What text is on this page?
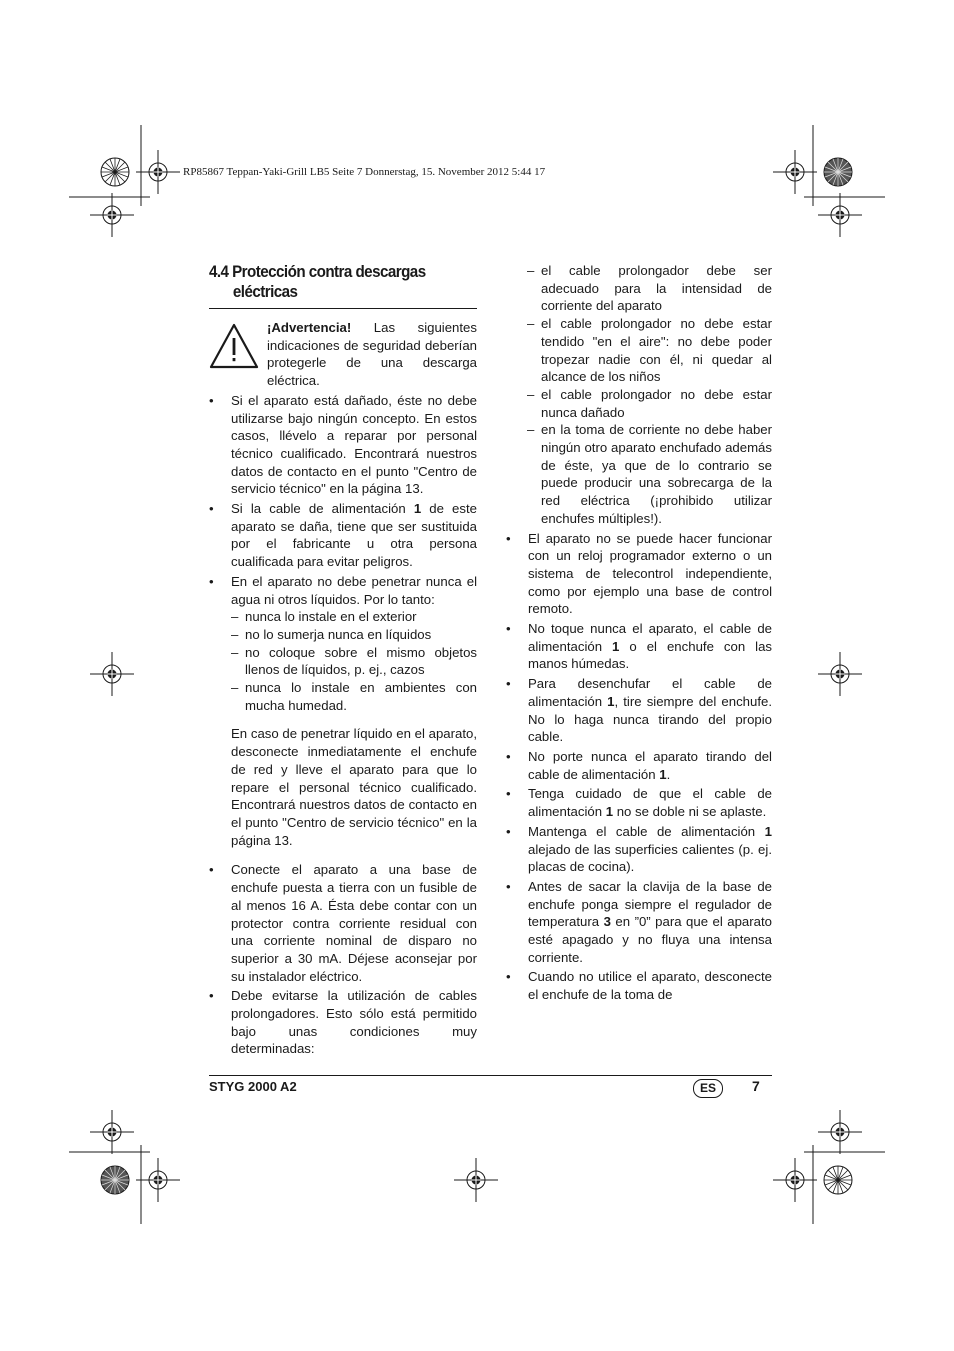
RP85867 Teppan-Yaki-Grill LB5 Seite 7 Donnerstag, 15. November 2012 5:44 17
4.4 Protección contra descargas
eléctricas
¡Advertencia! Las siguientes indicaciones de seguridad deberían protegerle de una descarga eléctrica.
• Si el aparato está dañado, éste no debe utilizarse bajo ningún concepto. En estos casos, llévelo a reparar por personal técnico cualificado. Encontrará nuestros datos de contacto en el punto "Centro de servicio técnico" en la página 13.
• Si la cable de alimentación 1 de este aparato se daña, tiene que ser sustituida por el fabricante u otra persona cualificada para evitar peligros.
• En el aparato no debe penetrar nunca el agua ni otros líquidos. Por lo tanto:
– nunca lo instale en el exterior
– no lo sumerja nunca en líquidos
– no coloque sobre el mismo objetos llenos de líquidos, p. ej., cazos
– nunca lo instale en ambientes con mucha humedad.
En caso de penetrar líquido en el aparato, desconecte inmediatamente el enchufe de red y lleve el aparato para que lo repare el personal técnico cualificado. Encontrará nuestros datos de contacto en el punto "Centro de servicio técnico" en la página 13.
• Conecte el aparato a una base de enchufe puesta a tierra con un fusible de al menos 16 A. Ésta debe contar con un protector contra corriente residual con una corriente nominal de disparo no superior a 30 mA. Déjese aconsejar por su instalador eléctrico.
• Debe evitarse la utilización de cables prolongadores. Esto sólo está permitido bajo unas condiciones muy determinadas:
– el cable prolongador debe ser adecuado para la intensidad de corriente del aparato
– el cable prolongador no debe estar tendido "en el aire": no debe poder tropezar nadie con él, ni quedar al alcance de los niños
– el cable prolongador no debe estar nunca dañado
– en la toma de corriente no debe haber ningún otro aparato enchufado además de éste, ya que de lo contrario se puede producir una sobrecarga de la red eléctrica (¡prohibido utilizar enchufes múltiples!).
• El aparato no se puede hacer funcionar con un reloj programador externo o un sistema de telecontrol independiente, como por ejemplo una base de control remoto.
• No toque nunca el aparato, el cable de alimentación 1 o el enchufe con las manos húmedas.
• Para desenchufar el cable de alimentación 1, tire siempre del enchufe. No lo haga nunca tirando del propio cable.
• No porte nunca el aparato tirando del cable de alimentación 1.
• Tenga cuidado de que el cable de alimentación 1 no se doble ni se aplaste.
• Mantenga el cable de alimentación 1 alejado de las superficies calientes (p. ej. placas de cocina).
• Antes de sacar la clavija de la base de enchufe ponga siempre el regulador de temperatura 3 en ”0” para que el aparato esté apagado y no fluya una intensa corriente.
• Cuando no utilice el aparato, desconecte el enchufe de la toma de
STYG 2000 A2	ES	7
